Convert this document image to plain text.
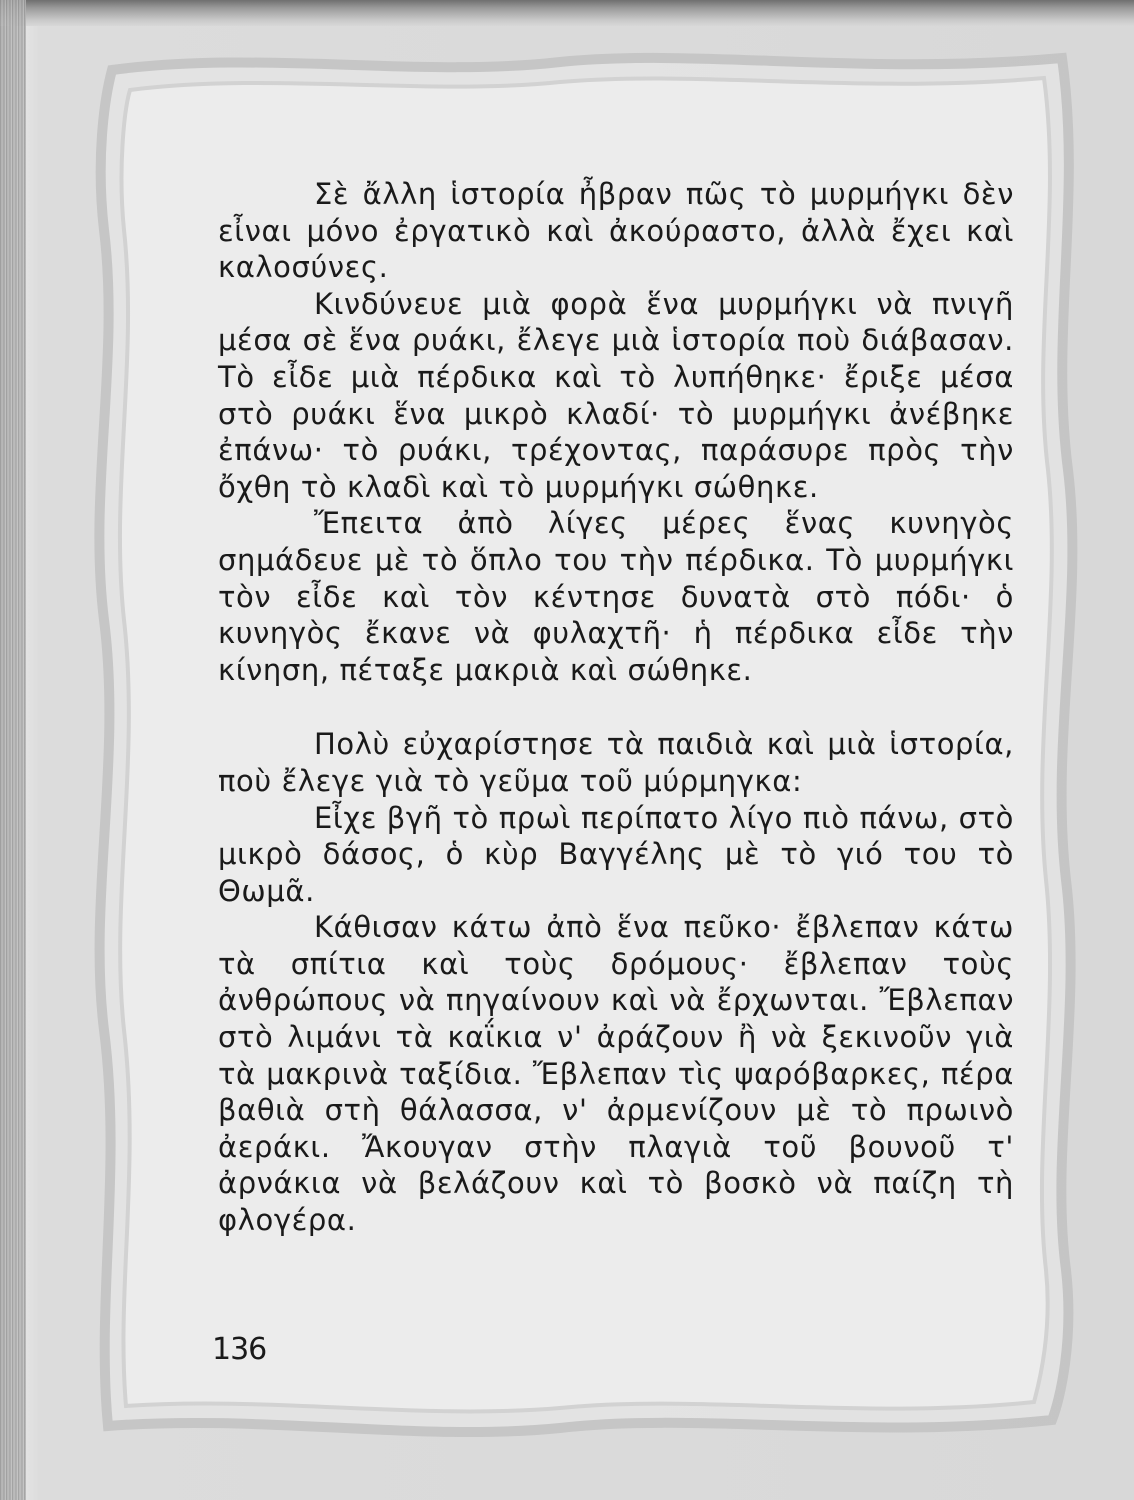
Σὲ ἄλλη ἱστορία ἦβραν πῶς τὸ μυρμήγκι δὲν εἶναι μόνο ἐργατικὸ καὶ ἀκούραστο, ἀλλὰ ἔχει καὶ καλοσύνες.

Κινδύνευε μιὰ φορὰ ἕνα μυρμήγκι νὰ πνιγῆ μέσα σὲ ἕνα ρυάκι, ἔλεγε μιὰ ἱστορία ποὺ διάβασαν. Τὸ εἶδε μιὰ πέρδικα καὶ τὸ λυπήθηκε· ἔριξε μέσα στὸ ρυάκι ἕνα μικρὸ κλαδί· τὸ μυρμήγκι ἀνέβηκε ἐπάνω· τὸ ρυάκι, τρέχοντας, παράσυρε πρὸς τὴν ὄχθη τὸ κλαδὶ καὶ τὸ μυρμήγκι σώθηκε.

Ἔπειτα ἀπὸ λίγες μέρες ἕνας κυνηγὸς σημάδευε μὲ τὸ ὅπλο του τὴν πέρδικα. Τὸ μυρμήγκι τὸν εἶδε καὶ τὸν κέντησε δυνατὰ στὸ πόδι· ὁ κυνηγὸς ἔκανε νὰ φυλαχτῆ· ἡ πέρδικα εἶδε τὴν κίνηση, πέταξε μακριὰ καὶ σώθηκε.

Πολὺ εὐχαρίστησε τὰ παιδιὰ καὶ μιὰ ἱστορία, ποὺ ἔλεγε γιὰ τὸ γεῦμα τοῦ μύρμηγκα:

Εἶχε βγῆ τὸ πρωὶ περίπατο λίγο πιὸ πάνω, στὸ μικρὸ δάσος, ὁ κὺρ Βαγγέλης μὲ τὸ γιό του τὸ Θωμᾶ.

Κάθισαν κάτω ἀπὸ ἕνα πεῦκο· ἔβλεπαν κάτω τὰ σπίτια καὶ τοὺς δρόμους· ἔβλεπαν τοὺς ἀνθρώπους νὰ πηγαίνουν καὶ νὰ ἔρχωνται. Ἔβλεπαν στὸ λιμάνι τὰ καΐκια ν' ἀράζουν ἢ νὰ ξεκινοῦν γιὰ τὰ μακρινὰ ταξίδια. Ἔβλεπαν τὶς ψαρόβαρκες, πέρα βαθιὰ στὴ θάλασσα, ν' ἀρμενίζουν μὲ τὸ πρωινὸ ἀεράκι. Ἄκουγαν στὴν πλαγιὰ τοῦ βουνοῦ τ' ἀρνάκια νὰ βελάζουν καὶ τὸ βοσκὸ νὰ παίζη τὴ φλογέρα.

136
